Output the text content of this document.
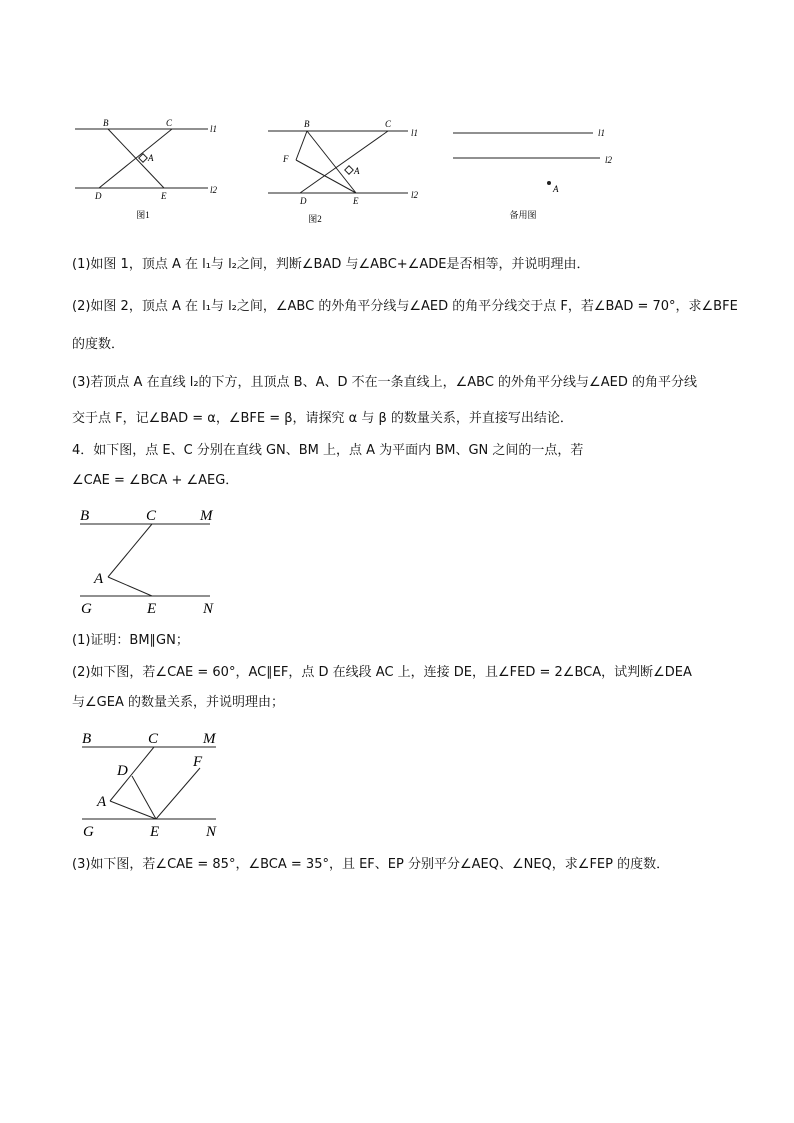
B	C
A
D	E
l1
l2
图1
B	C
F
A
D	E
l1
l2
图2
A
l1
l2
备用图
(1)如图 1，顶点 A 在 l₁与 l₂之间，判断∠BAD 与∠ABC+∠ADE是否相等，并说明理由．
(2)如图 2，顶点 A 在 l₁与 l₂之间，∠ABC 的外角平分线与∠AED 的角平分线交于点 F，若∠BAD = 70°，求∠BFE
的度数．
(3)若顶点 A 在直线 l₂的下方，且顶点 B、A、D 不在一条直线上，∠ABC 的外角平分线与∠AED 的角平分线
交于点 F，记∠BAD = α，∠BFE = β，请探究 α 与 β 的数量关系，并直接写出结论．
4．如下图，点 E、C 分别在直线 GN、BM 上，点 A 为平面内 BM、GN 之间的一点，若
∠CAE = ∠BCA + ∠AEG．
B	C	M
A
G	E	N
(1)证明：BM∥GN；
(2)如下图，若∠CAE = 60°，AC∥EF，点 D 在线段 AC 上，连接 DE，且∠FED = 2∠BCA，试判断∠DEA
与∠GEA 的数量关系，并说明理由；
B	C	M
D
F
A
G	E	N
(3)如下图，若∠CAE = 85°，∠BCA = 35°，且 EF、EP 分别平分∠AEQ、∠NEQ，求∠FEP 的度数．
